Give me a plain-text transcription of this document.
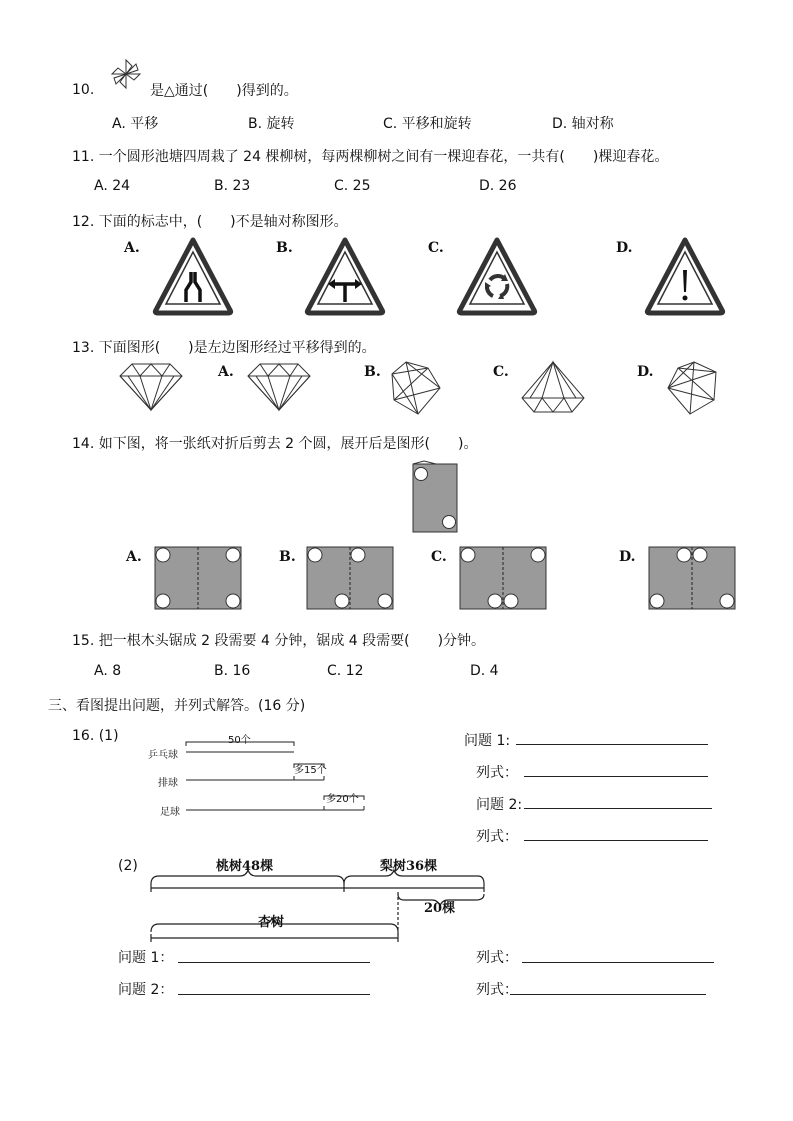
10.	是△通过(　　)得到的。
A. 平移	B. 旋转	C. 平移和旋转	D. 轴对称
11. 一个圆形池塘四周栽了 24 棵柳树，每两棵柳树之间有一棵迎春花，一共有(　　)棵迎春花。
A. 24	B. 23	C. 25	D. 26
12. 下面的标志中，(　　)不是轴对称图形。
A.	B.	C.	D.
13. 下面图形(　　)是左边图形经过平移得到的。
A.	B.	C.	D.
14. 如下图，将一张纸对折后剪去 2 个圆，展开后是图形(　　)。
A.	B.	C.	D.
15. 把一根木头锯成 2 段需要 4 分钟，锯成 4 段需要(　　)分钟。
A. 8	B. 16	C. 12	D. 4
三、看图提出问题，并列式解答。(16 分)
16. (1)	50个
乒乓球
多15个
排球
多20个
足球
问题 1:
列式：
问题 2:
列式：
(2)	桃树48棵	梨树36棵
20棵
杏树
问题 1：	列式：
问题 2：	列式：
